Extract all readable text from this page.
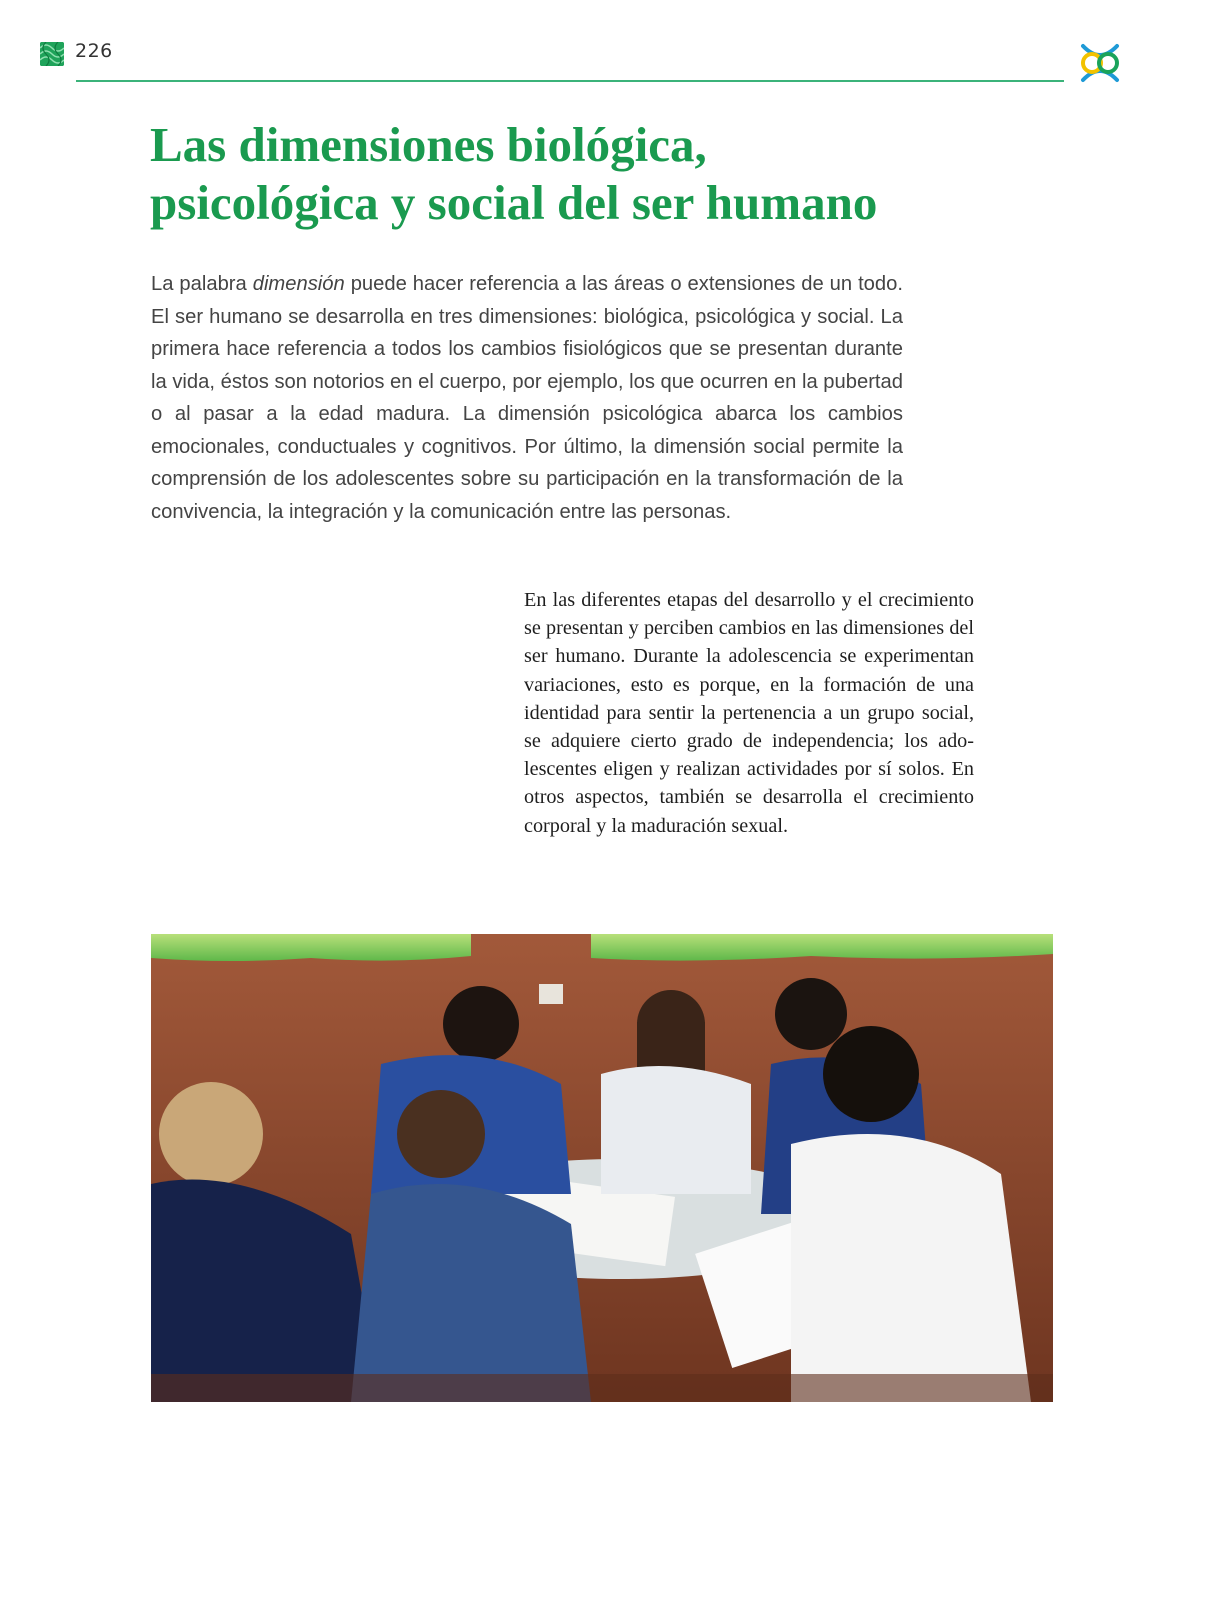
226
Las dimensiones biológica,
psicológica y social del ser humano

La palabra dimensión puede hacer referencia a las áreas o extensiones de un todo. El ser humano se desarrolla en tres dimensiones: biológica, psicológica y social. La primera hace referencia a todos los cambios fisiológicos que se presentan durante la vida, éstos son notorios en el cuerpo, por ejemplo, los que ocurren en la pubertad o al pasar a la edad madura. La dimensión psicológica abarca los cambios emocionales, conductuales y cognitivos. Por último, la dimensión social permite la comprensión de los adolescentes sobre su participación en la transformación de la convivencia, la integración y la comunicación entre las personas.

En las diferentes etapas del desarrollo y el crecimiento se presentan y perciben cambios en las dimensiones del ser humano. Durante la adolescencia se experimentan variaciones, esto es porque, en la formación de una identidad para sentir la pertenencia a un grupo social, se adquiere cierto grado de independencia; los adolescentes eligen y realizan actividades por sí solos. En otros aspectos, también se desarrolla el crecimiento corporal y la maduración sexual.
